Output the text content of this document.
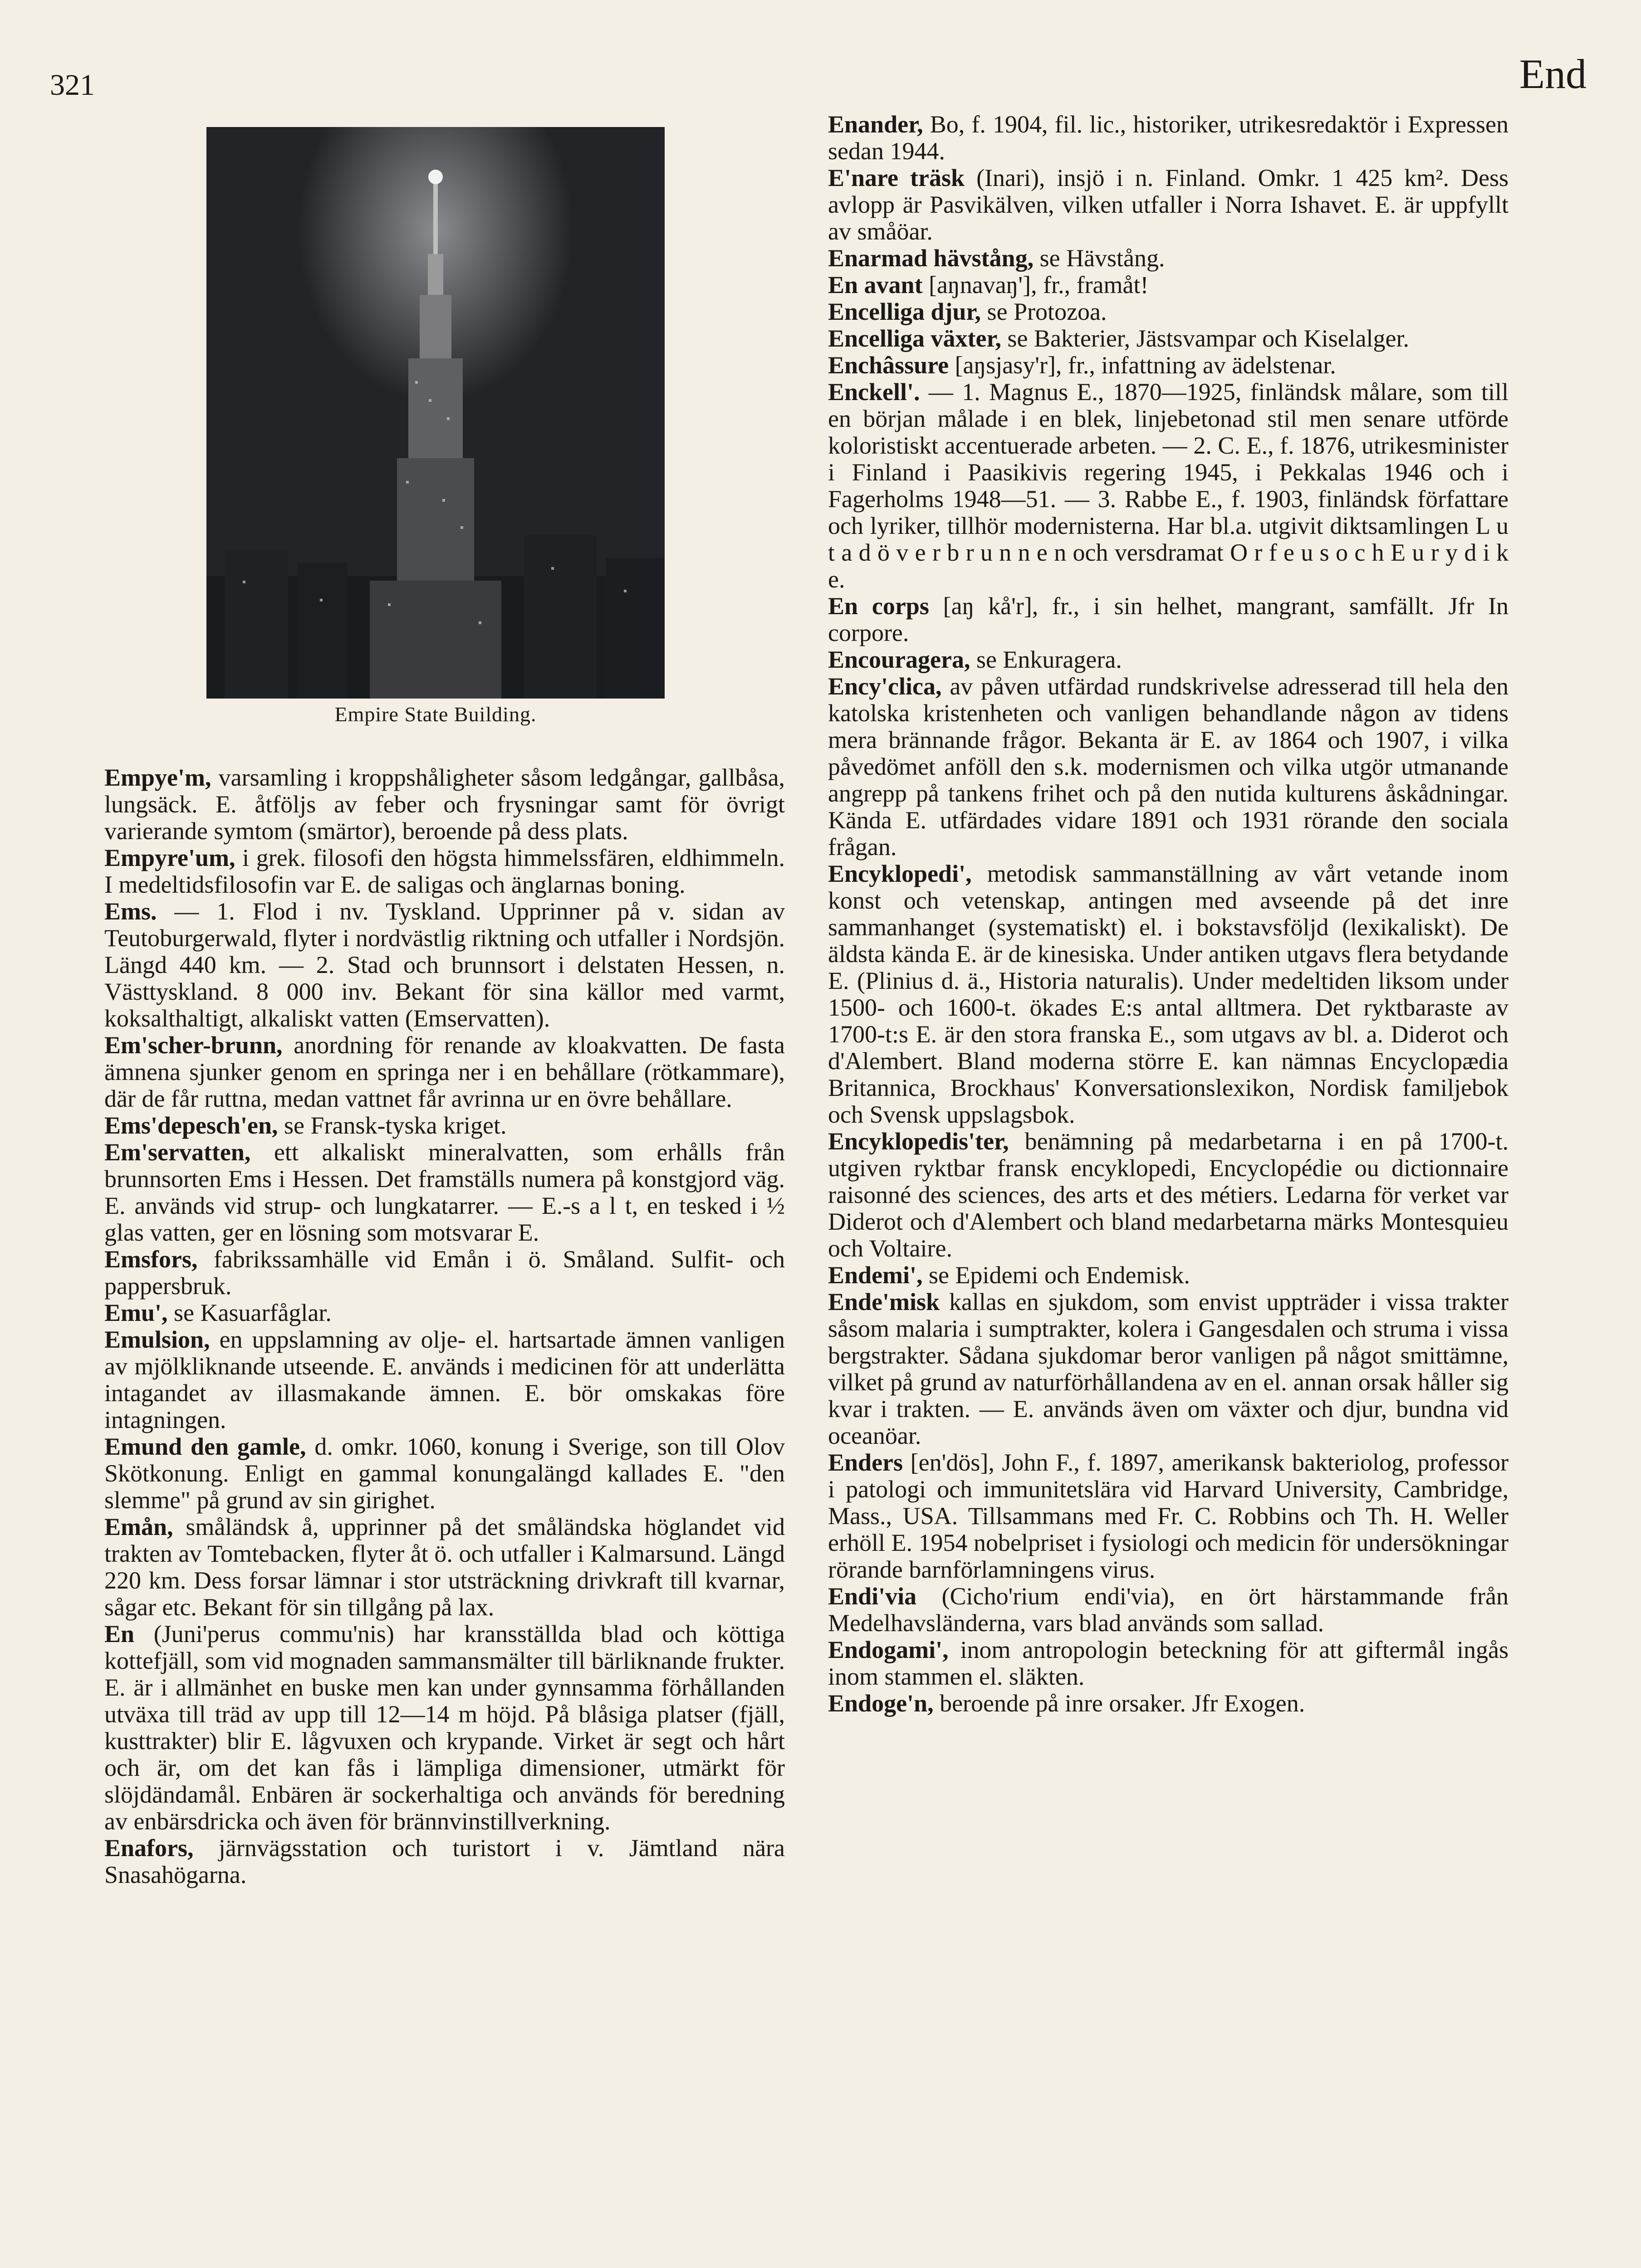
321	End
Empire State Building.

Empye'm, varsamling i kroppshåligheter såsom ledgångar, gallbåsa, lungsäck. E. åtföljs av feber och frysningar samt för övrigt varierande symtom (smärtor), beroende på dess plats.

Empyre'um, i grek. filosofi den högsta himmelssfären, eldhimmeln. I medeltidsfilosofin var E. de saligas och änglarnas boning.

Ems. — 1. Flod i nv. Tyskland. Upprinner på v. sidan av Teutoburgerwald, flyter i nordvästlig riktning och utfaller i Nordsjön. Längd 440 km. — 2. Stad och brunnsort i delstaten Hessen, n. Västtyskland. 8 000 inv. Bekant för sina källor med varmt, koksalthaltigt, alkaliskt vatten (Emservatten).

Em'scher-brunn, anordning för renande av kloakvatten. De fasta ämnena sjunker genom en springa ner i en behållare (rötkammare), där de får ruttna, medan vattnet får avrinna ur en övre behållare.

Ems'depesch'en, se Fransk-tyska kriget.

Em'servatten, ett alkaliskt mineralvatten, som erhålls från brunnsorten Ems i Hessen. Det framställs numera på konstgjord väg. E. används vid strup- och lungkatarrer. — E.-s a l t, en tesked i ½ glas vatten, ger en lösning som motsvarar E.

Emsfors, fabrikssamhälle vid Emån i ö. Småland. Sulfit- och pappersbruk.

Emu', se Kasuarfåglar.

Emulsion, en uppslamning av olje- el. hartsartade ämnen vanligen av mjölkliknande utseende. E. används i medicinen för att underlätta intagandet av illasmakande ämnen. E. bör omskakas före intagningen.

Emund den gamle, d. omkr. 1060, konung i Sverige, son till Olov Skötkonung. Enligt en gammal konungalängd kallades E. "den slemme" på grund av sin girighet.

Emån, småländsk å, upprinner på det småländska höglandet vid trakten av Tomtebacken, flyter åt ö. och utfaller i Kalmarsund. Längd 220 km. Dess forsar lämnar i stor utsträckning drivkraft till kvarnar, sågar etc. Bekant för sin tillgång på lax.

En (Juni'perus commu'nis) har kransställda blad och köttiga kottefjäll, som vid mognaden sammansmälter till bärliknande frukter. E. är i allmänhet en buske men kan under gynnsamma förhållanden utväxa till träd av upp till 12—14 m höjd. På blåsiga platser (fjäll, kusttrakter) blir E. lågvuxen och krypande. Virket är segt och hårt och är, om det kan fås i lämpliga dimensioner, utmärkt för slöjdändamål. Enbären är sockerhaltiga och används för beredning av enbärsdricka och även för brännvinstillverkning.

Enafors, järnvägsstation och turistort i v. Jämtland nära Snasahögarna.

Enander, Bo, f. 1904, fil. lic., historiker, utrikesredaktör i Expressen sedan 1944.

E'nare träsk (Inari), insjö i n. Finland. Omkr. 1 425 km². Dess avlopp är Pasvikälven, vilken utfaller i Norra Ishavet. E. är uppfyllt av småöar.

Enarmad hävstång, se Hävstång.

En avant [aŋnavaŋ'], fr., framåt!

Encelliga djur, se Protozoa.

Encelliga växter, se Bakterier, Jästsvampar och Kiselalger.

Enchâssure [aŋsjasy'r], fr., infattning av ädelstenar.

Enckell'. — 1. Magnus E., 1870—1925, finländsk målare, som till en början målade i en blek, linjebetonad stil men senare utförde koloristiskt accentuerade arbeten. — 2. C. E., f. 1876, utrikesminister i Finland i Paasikivis regering 1945, i Pekkalas 1946 och i Fagerholms 1948—51. — 3. Rabbe E., f. 1903, finländsk författare och lyriker, tillhör modernisterna. Har bl.a. utgivit diktsamlingen L u t a d ö v e r b r u n n e n och versdramat O r f e u s o c h E u r y d i k e.

En corps [aŋ kå'r], fr., i sin helhet, mangrant, samfällt. Jfr In corpore.

Encouragera, se Enkuragera.

Ency'clica, av påven utfärdad rundskrivelse adresserad till hela den katolska kristenheten och vanligen behandlande någon av tidens mera brännande frågor. Bekanta är E. av 1864 och 1907, i vilka påvedömet anföll den s.k. modernismen och vilka utgör utmanande angrepp på tankens frihet och på den nutida kulturens åskådningar. Kända E. utfärdades vidare 1891 och 1931 rörande den sociala frågan.

Encyklopedi', metodisk sammanställning av vårt vetande inom konst och vetenskap, antingen med avseende på det inre sammanhanget (systematiskt) el. i bokstavsföljd (lexikaliskt). De äldsta kända E. är de kinesiska. Under antiken utgavs flera betydande E. (Plinius d. ä., Historia naturalis). Under medeltiden liksom under 1500- och 1600-t. ökades E:s antal alltmera. Det ryktbaraste av 1700-t:s E. är den stora franska E., som utgavs av bl. a. Diderot och d'Alembert. Bland moderna större E. kan nämnas Encyclopædia Britannica, Brockhaus' Konversationslexikon, Nordisk familjebok och Svensk uppslagsbok.

Encyklopedis'ter, benämning på medarbetarna i en på 1700-t. utgiven ryktbar fransk encyklopedi, Encyclopédie ou dictionnaire raisonné des sciences, des arts et des métiers. Ledarna för verket var Diderot och d'Alembert och bland medarbetarna märks Montesquieu och Voltaire.

Endemi', se Epidemi och Endemisk.

Ende'misk kallas en sjukdom, som envist uppträder i vissa trakter såsom malaria i sumptrakter, kolera i Gangesdalen och struma i vissa bergstrakter. Sådana sjukdomar beror vanligen på något smittämne, vilket på grund av naturförhållandena av en el. annan orsak håller sig kvar i trakten. — E. används även om växter och djur, bundna vid oceanöar.

Enders [en'dös], John F., f. 1897, amerikansk bakteriolog, professor i patologi och immunitetslära vid Harvard University, Cambridge, Mass., USA. Tillsammans med Fr. C. Robbins och Th. H. Weller erhöll E. 1954 nobelpriset i fysiologi och medicin för undersökningar rörande barnförlamningens virus.

Endi'via (Cicho'rium endi'via), en ört härstammande från Medelhavsländerna, vars blad används som sallad.

Endogami', inom antropologin beteckning för att giftermål ingås inom stammen el. släkten.

Endoge'n, beroende på inre orsaker. Jfr Exogen.
